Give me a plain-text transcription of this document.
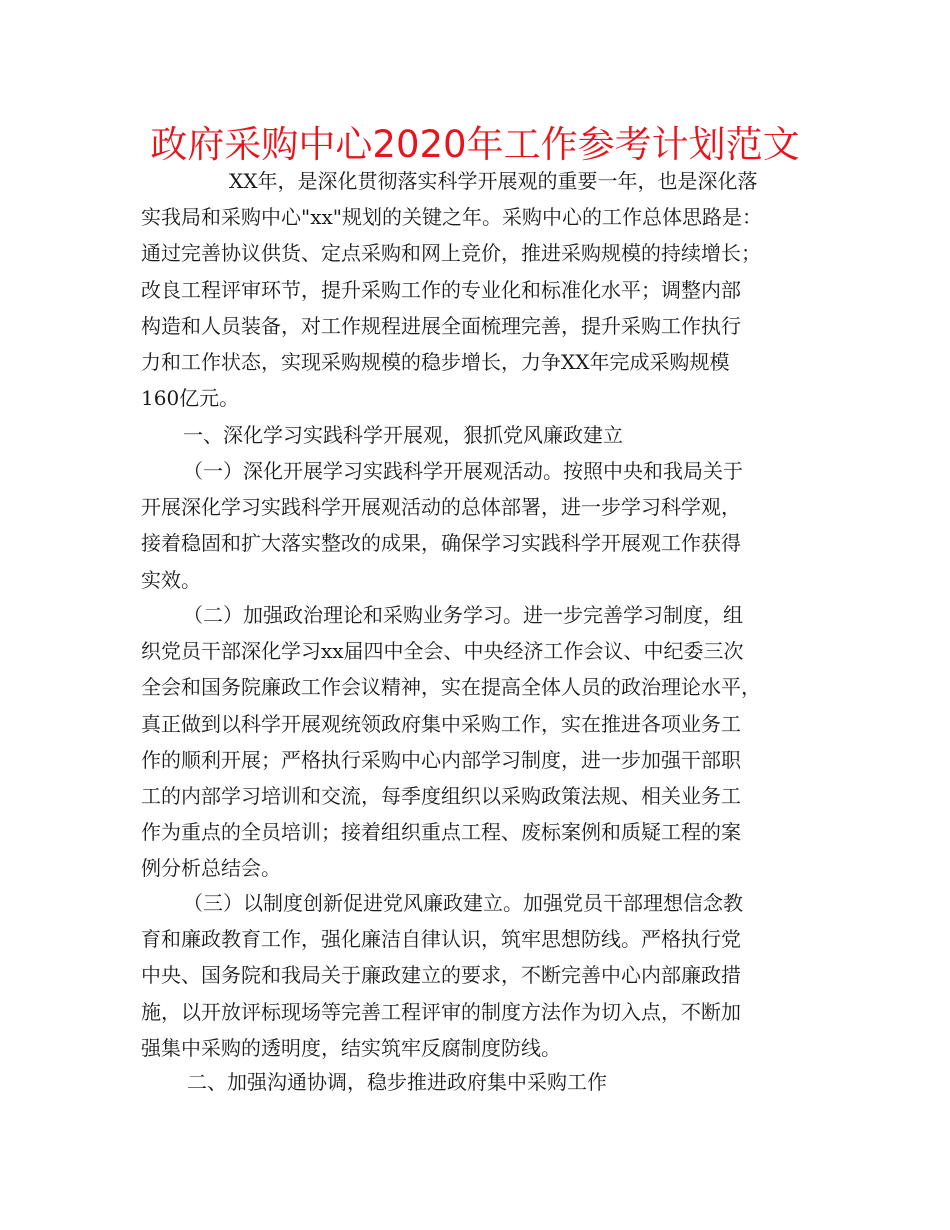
政府采购中心2020年工作参考计划范文
XX年，是深化贯彻落实科学开展观的重要一年，也是深化落
实我局和采购中心"xx"规划的关键之年。采购中心的工作总体思路是：
通过完善协议供货、定点采购和网上竞价，推进采购规模的持续增长；
改良工程评审环节，提升采购工作的专业化和标准化水平；调整内部
构造和人员装备，对工作规程进展全面梳理完善，提升采购工作执行
力和工作状态，实现采购规模的稳步增长，力争XX年完成采购规模
160亿元。
一、深化学习实践科学开展观，狠抓党风廉政建立
（一）深化开展学习实践科学开展观活动。按照中央和我局关于
开展深化学习实践科学开展观活动的总体部署，进一步学习科学观，
接着稳固和扩大落实整改的成果，确保学习实践科学开展观工作获得
实效。
（二）加强政治理论和采购业务学习。进一步完善学习制度，组
织党员干部深化学习xx届四中全会、中央经济工作会议、中纪委三次
全会和国务院廉政工作会议精神，实在提高全体人员的政治理论水平，
真正做到以科学开展观统领政府集中采购工作，实在推进各项业务工
作的顺利开展；严格执行采购中心内部学习制度，进一步加强干部职
工的内部学习培训和交流，每季度组织以采购政策法规、相关业务工
作为重点的全员培训；接着组织重点工程、废标案例和质疑工程的案
例分析总结会。
（三）以制度创新促进党风廉政建立。加强党员干部理想信念教
育和廉政教育工作，强化廉洁自律认识，筑牢思想防线。严格执行党
中央、国务院和我局关于廉政建立的要求，不断完善中心内部廉政措
施，以开放评标现场等完善工程评审的制度方法作为切入点，不断加
强集中采购的透明度，结实筑牢反腐制度防线。
二、加强沟通协调，稳步推进政府集中采购工作
